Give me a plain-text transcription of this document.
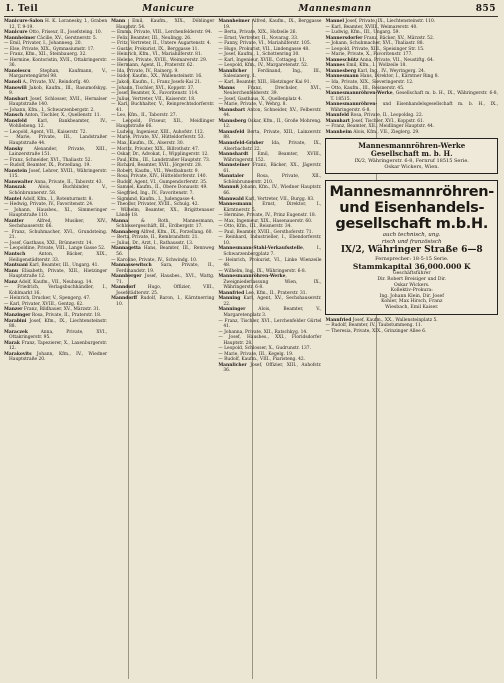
I. Teil	Manicure	Mannesmann	855

Manicure-Salon H. K. Loranesky, I., Graben 12, T. 9-19.

Manicure Otto, Friseur, II., Josefsteing. 10.

Mannheimer Cäcilie, XV., Gerstnerstr. 5.

— Emil, Privater, I., Johannesg. 20.

— Else, Private, XIX., Gymnasiumstr. 17.

— Franz, Kfm., XII., Steinbauerg. 32.

— Hermine, Kontoristin, XVII., Ottakringerstr. 36.

Manolescu Stephan, Kaufmann, V., Margaretengürtel 98.

Manoli A., Private, XV., Reindorfg. 40.

Manowill Jakob, Kaufm., III., Rasumofskyg. 9.

Mansbart Josef, Schlosser, XVII., Hernalser Hauptstraße 140.

— Johann, Kfm., I., Schwarzenbergstr. 2.

Mansch Anton, Tischler, X., Quellenstr. 11.

Mansfeld Karl, Bankbeamter, IV., Wohllebeng. 12.

— Leopold, Agent, VII., Kaiserstr. 72.

— Marie, Private, III., Landstraßer Hauptstraße 44.

Mansky Alexander, Private, XIII., Lainzerstraße 151.

— Franz, Schneider, XVI., Thaliastr. 52.

— Rudolf, Beamter, IX., Porzellang. 19.

Manstein Josef, Lehrer, XVIII., Währingerstr. 115.

Manswalter Anna, Private, II., Taborstr. 43.

Manszak Alois, Buchbinder, V., Schönbrunnerstr. 58.

Mantel Adolf, Kfm., I., Rotenturmstr. 8.

— Hedwig, Private, IV., Favoritenstr. 24.

— Johann, Hausbes., XI., Simmeringer Hauptstraße 110.

Mantler Alfred, Musiker, XIV., Sechshauserstr. 66.

— Franz, Schuhmacher, XVI., Grundsteing. 21.

— Josef, Gasthaus, XXI., Brünnerstr. 14.

— Leopoldine, Private, VIII., Lange Gasse 52.

Mantsch Anton, Bäcker, XIX., Heiligenstädterstr. 33.

Mantuani Karl, Beamter, III., Ungarg. 41.

Manu Elisabeth, Private, XIII., Hietzinger Hauptstraße 12.

Manz Adolf, Kaufm., VII., Neubaug. 14.

— Friedrich, Verlagsbuchhändler, I., Kohlmarkt 16.

— Heinrich, Drucker, V., Spengerg. 47.

— Karl, Privater, XVIII., Gentzg. 62.

Manzer Franz, Bildhauer, XV., Märzstr. 31.

Manzinger Rosa, Private, II., Praterstr. 18.

Marabini Josef, Kfm., IX., Liechtensteinstr. 88.

Maraczek Anna, Private, XVI., Ottakringerstr. 95.

Marak Franz, Tapezierer, X., Laxenburgerstr. 12.

Marakovits Johann, Kfm., IV., Wiedner Hauptstraße 20.

Mann Emil, Kaufm., XIX., Döblinger Hauptstr. 54.

— Emma, Private, VIII., Lerchenfelderstr. 94.

— Felix, Beamter, III., Neulingg. 26.

— Fritz, Vertreter, II., Untere Augartenstr. 4.

— Gustav, Prokurist, IX., Berggasse 11.

— Heinrich, Kfm., VI., Mariahilferstr. 81.

— Helene, Private, XVIII., Weimarerstr. 29.

— Hermann, Agent, II., Praterstr. 62.

— Ida, Private, IV., Rainerg. 9.

— Isidor, Kaufm., XX., Wallensteinstr. 16.

— Jakob, Kaufm., I., Franz Josefs-Kai 21.

— Johann, Tischler, XVI., Koppstr. 37.

— Josef, Beamter, X., Favoritenstr. 114.

— Julius, Vertreter, VII., Kaiserstr. 18.

— Karl, Buchhalter, V., Reinprechtsdorferstr. 41.

— Leo, Kfm., II., Taborstr. 27.

— Leopold, Friseur, XII., Meidlinger Hauptstraße 66.

— Ludwig, Ingenieur, XIII., Auhofstr. 112.

— Marie, Private, XV., Hütteldorferstr. 53.

— Max, Kaufm., IX., Alserstr. 30.

— Moritz, Privater, XIX., Billrothstr. 47.

— Oskar, Dr., Advokat, I., Wipplingerstr. 12.

— Paul, Kfm., III., Landstraßer Hauptstr. 73.

— Richard, Beamter, XVII., Jörgerstr. 28.

— Robert, Kaufm., VII., Westbahnstr. 9.

— Rosa, Private, XIV., Hütteldorferstr. 140.

— Rudolf, Agent, VI., Gumpendorferstr. 35.

— Samuel, Kaufm., II., Obere Donaustr. 49.

— Siegfried, Ing., IV., Favoritenstr. 7.

— Sigmund, Kaufm., I., Judengasse 4.

— Theodor, Privater, XVIII., Schulg. 42.

— Wilhelm, Beamter, XX., Brigittenauer Lände 18.

Manna & Roth, Mannesmann, Schlossergeschäft, III., Erdbergstr. 17.

Mannaberg Alfred, Kfm., IX., Porzellang. 60.

— Berta, Private, II., Rembrandtstr. 21.

— Julius, Dr., Arzt, I., Rathausstr. 13.

Mannagetta Hans, Beamter, III., Rennweg 56.

— Karoline, Private, IV., Schwindg. 10.

Mannassewitsch Sara, Private, II., Ferdinandstr. 19.

Mannberger Josef, Hausbes., XVI., Wattg. 71.

Manndorf Hugo, Offizier, VIII., Josefstädterstr. 25.

Manndorff Rudolf, Baron, I., Kärntnerring 10.

Mannheimer Alfred, Kaufm., IX., Berggasse 19.

— Berta, Private, XIX., Hofzeile 26.

— Ernst, Vertreter, II., Novarag. 33.

— Fanny, Private, VI., Mariahilferstr. 105.

— Hugo, Prokurist, VII., Lindengasse 48.

— Josef, Kaufm., I., Schottenring 30.

— Karl, Ingenieur, XVIII., Cottageg. 11.

— Leopold, Kfm., IV., Margaretenstr. 52.

Mannlicher Ferdinand, Ing., III., Salesianerg. 1.

— Karl, Beamter, XIII., Hietzinger Kai 91.

Manns Franz, Drechsler, XVI., Neulerchenfelderstr. 39.

— Josef, Gasthaus, X., Quellenplatz 4.

— Marie, Private, V., Wehrg. 8.

Mannsbart Anton, Schneider, XV., Felberstr. 44.

Mannsberg Oskar, Kfm., II., Große Mohreng. 12.

Mannsfeld Berta, Private, XIII., Lainzerstr. 88.

Mannsfeld-Gruber Ida, Private, IX., Alserbachstr. 22.

Mannshardt Emil, Beamter, XVIII., Währingerstr. 152.

Mannsteiner Franz, Bäcker, XX., Jägerstr. 61.

Manntaler Rosa, Private, XII., Schönbrunnerstr. 210.

Mannuß Johann, Kfm., IV., Wiedner Hauptstr. 66.

Mannwald Karl, Vertreter, VII., Burgg. 83.

Mannesmann Ernst, Direktor, I., Kärntnerstr. 5.

— Hermine, Private, IV., Prinz Eugenstr. 18.

— Max, Ingenieur, XIX., Hasenauerstr. 60.

— Otto, Kfm., III., Reisnerstr. 34.

— Paul, Beamter, XVIII., Gersthoferstr. 71.

— Reinhard, Industrieller, I., Ebendorferstr. 10.

Mannesmann-Stahl-Verkaufsstelle, I., Schwarzenbergplatz 7.

— Heinrich, Prokurist, VI., Linke Wienzeile 48.

— Wilhelm, Ing., IX., Währingerstr. 6-8.

Mannesmannröhren-Werke, Zweigniederlassung Wien, IX., Währingerstr. 6-8.

Mannfried Leo, Kfm., II., Praterstr. 31.

Manning Karl, Agent, XV., Sechshauserstr. 22.

Manninger Alois, Beamter, V., Margaretenplatz 3.

— Franz, Tischler, XVI., Lerchenfelder Gürtel 41.

— Johanna, Private, XII., Ratschkyg. 14.

— Josef, Hausbes., XXI., Floridsdorfer Hauptstr. 28.

— Leopold, Schlosser, X., Gudrunstr. 137.

— Marie, Private, III., Kegelg. 19.

— Rudolf, Kaufm., VIII., Piaristeng. 42.

Mannlicher Josef, Offizier, XIII., Auhofstr. 36.

Mannel Josef, Private, IX., Liechtensteinstr. 110.

— Karl, Beamter, XVIII., Weimarerstr. 40.

— Ludwig, Kfm., III., Ungarg. 59.

Mannersdorfer Franz, Bäcker, XV., Märzstr. 52.

— Johann, Schuhmacher, XVI., Thaliastr. 88.

— Leopold, Private, XIII., Speisinger Str. 15.

— Marie, Private, X., Favoritenstr. 177.

Manneschütz Anna, Private, VII., Neustiftg. 64.

Mannes Emil, Kfm., I., Wollzeile 18.

Mannesberg Karl, Ing., IV., Weyringerg. 24.

Mannesmann Hans, Direktor, I., Kärntner Ring 8.

— Ida, Private, XIX., Sieveringerstr. 12.

— Otto, Kaufm., III., Reisnerstr. 45.

Mannesmannröhren-Werke, Gesellschaft m. b. H., IX., Währingerstr. 6-8, T. 18515.

Mannesmannröhren- und Eisenhandelsgesellschaft m. b. H., IX., Währingerstr. 6-8.

Mannfeld Rosa, Private, II., Leopoldsg. 22.

Mannhart Josef, Tischler, XVI., Koppstr. 61.

— Franz, Beamter, XII., Meidlinger Hauptstr. 44.

Mannheim Alois, Kfm., VII., Zieglerg. 29.

Mannesmannröhren-Werke
Gesellschaft m. b. H.
IX/2, Währingerstr. 6-8, Fernruf 18515 Serie.
Oskar Wickers, Wien.
Mannesmannröhren-
und Eisenhandels-
gesellschaft m.b.H.
auch technisch, ung.
risch und französisch
IX/2, Währinger Straße 6—8
Fernsprecher: 18-5-15 Serie.
Stammkapital 36,000.000 K
Geschäftsführer
Dir. Robert Breisiger und Dir.
Oskar Wickers.
Kollektiv-Prokura:
Ing. Johann Klein, Dir. Josef
Kohler, Max Hirsch, Franz
Wiesbach, Emil Kaiser.

Mannfried Josef, Kaufm., XX., Wallensteinplatz 5.

— Rudolf, Beamter, IV., Taubstummeng. 11.

— Theresia, Private, XIX., Grinzinger Allee 6.
